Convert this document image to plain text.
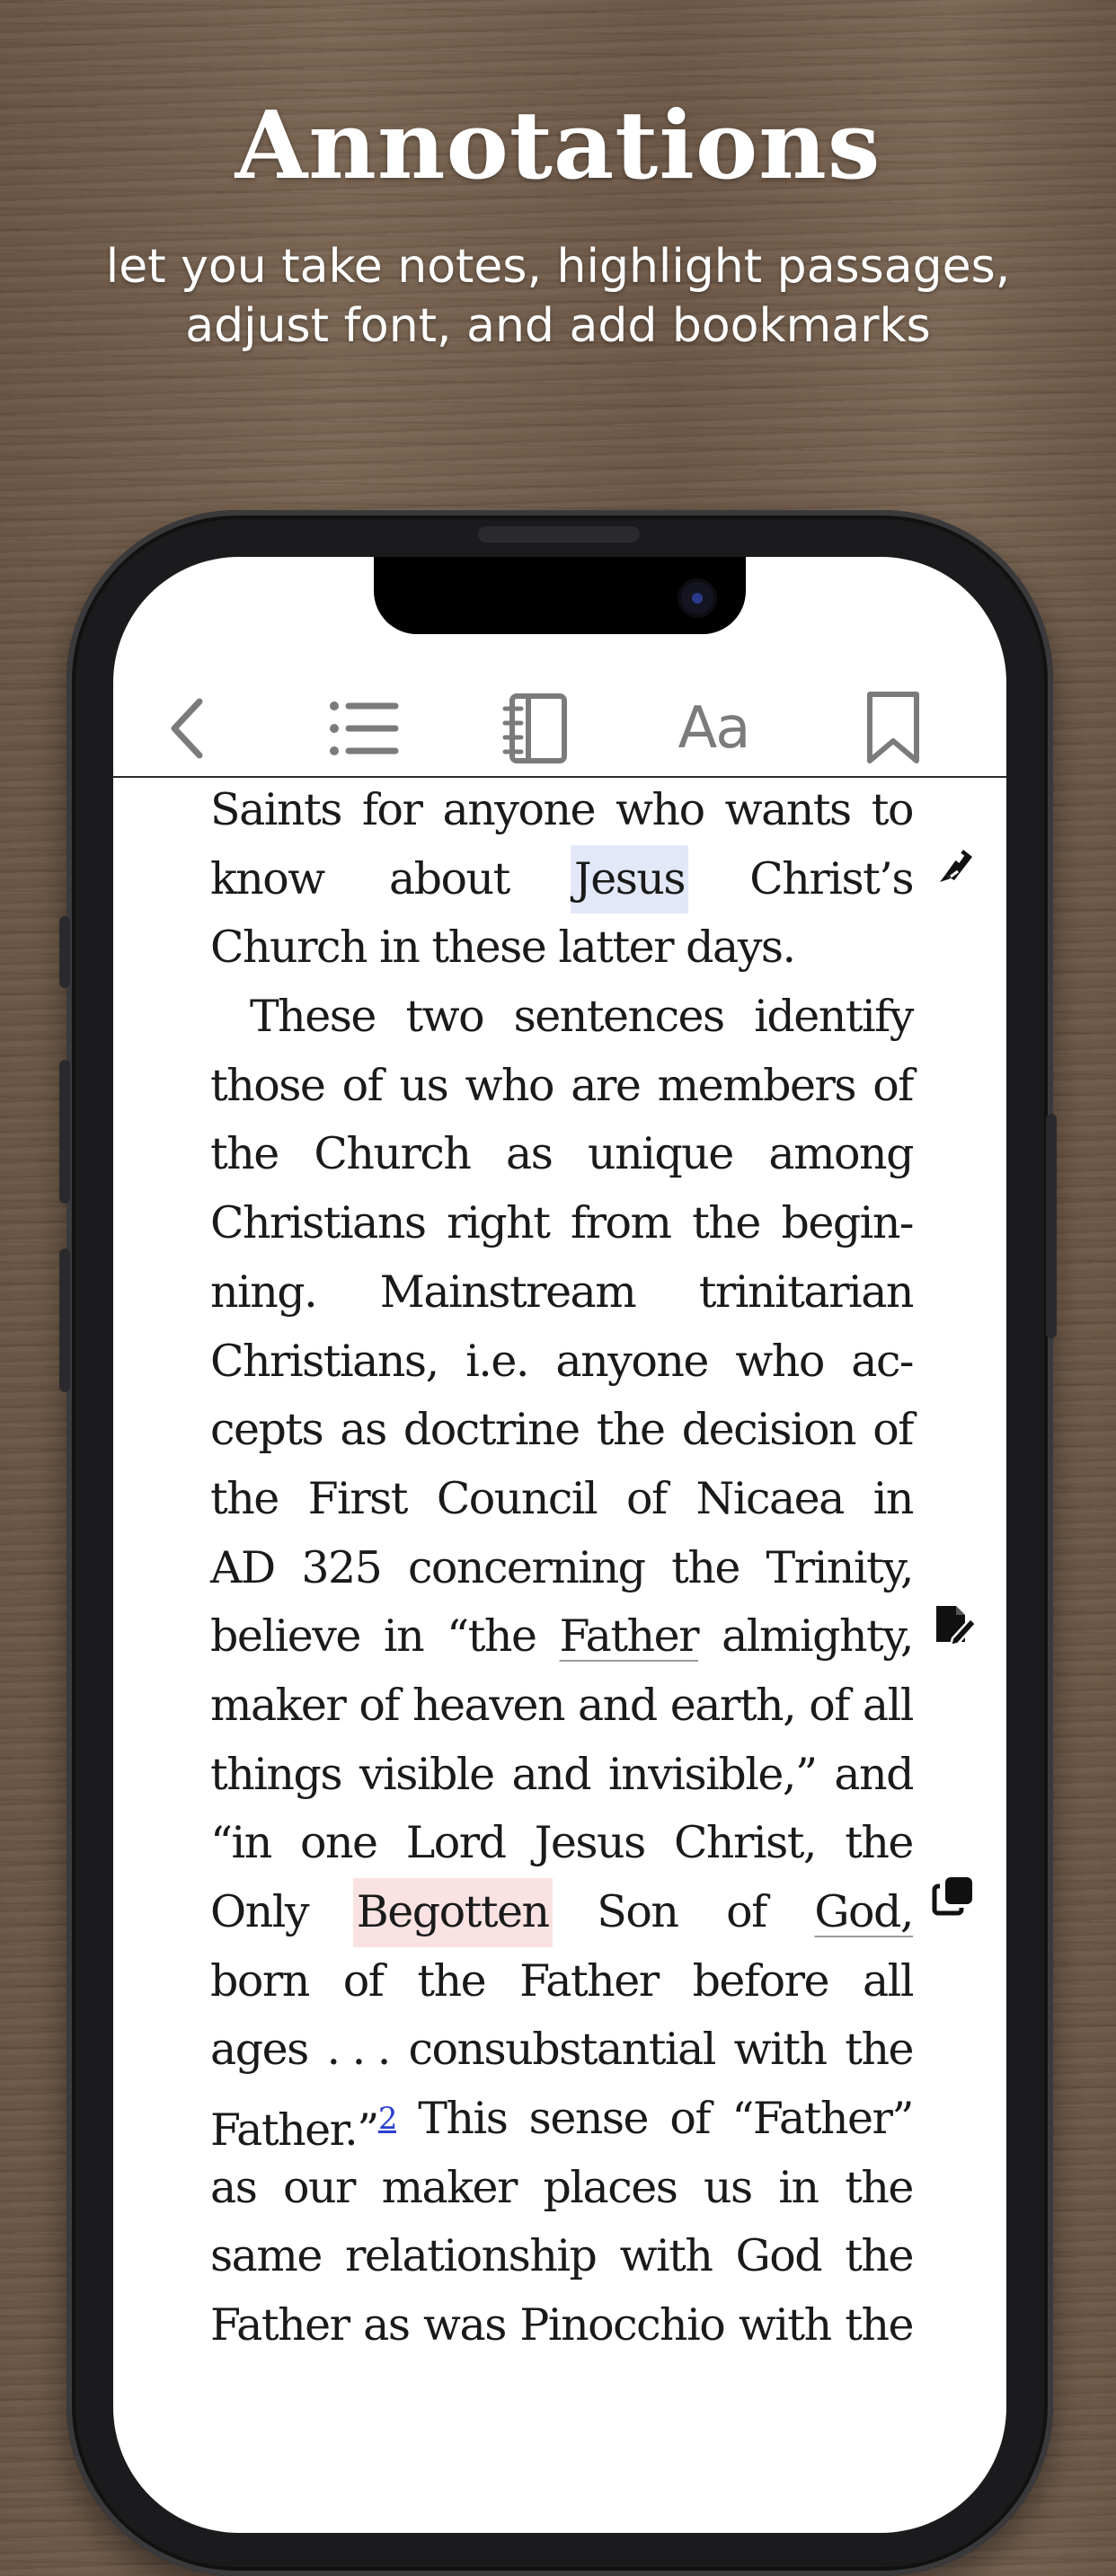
Annotations
let you take notes, highlight passages,
adjust font, and add bookmarks
Aa
Saints for anyone who wants to
know about Jesus Christ’s
Church in these latter days.
These two sentences identify
those of us who are members of
the Church as unique among
Christians right from the begin-
ning. Mainstream trinitarian
Christians, i.e. anyone who ac-
cepts as doctrine the decision of
the First Council of Nicaea in
AD 325 concerning the Trinity,
believe in “the Father almighty,
maker of heaven and earth, of all
things visible and invisible,” and
“in one Lord Jesus Christ, the
Only Begotten Son of God,
born of the Father before all
ages . . . consubstantial with the
Father.”$^2$ This sense of “Father”
as our maker places us in the
same relationship with God the
Father as was Pinocchio with the
